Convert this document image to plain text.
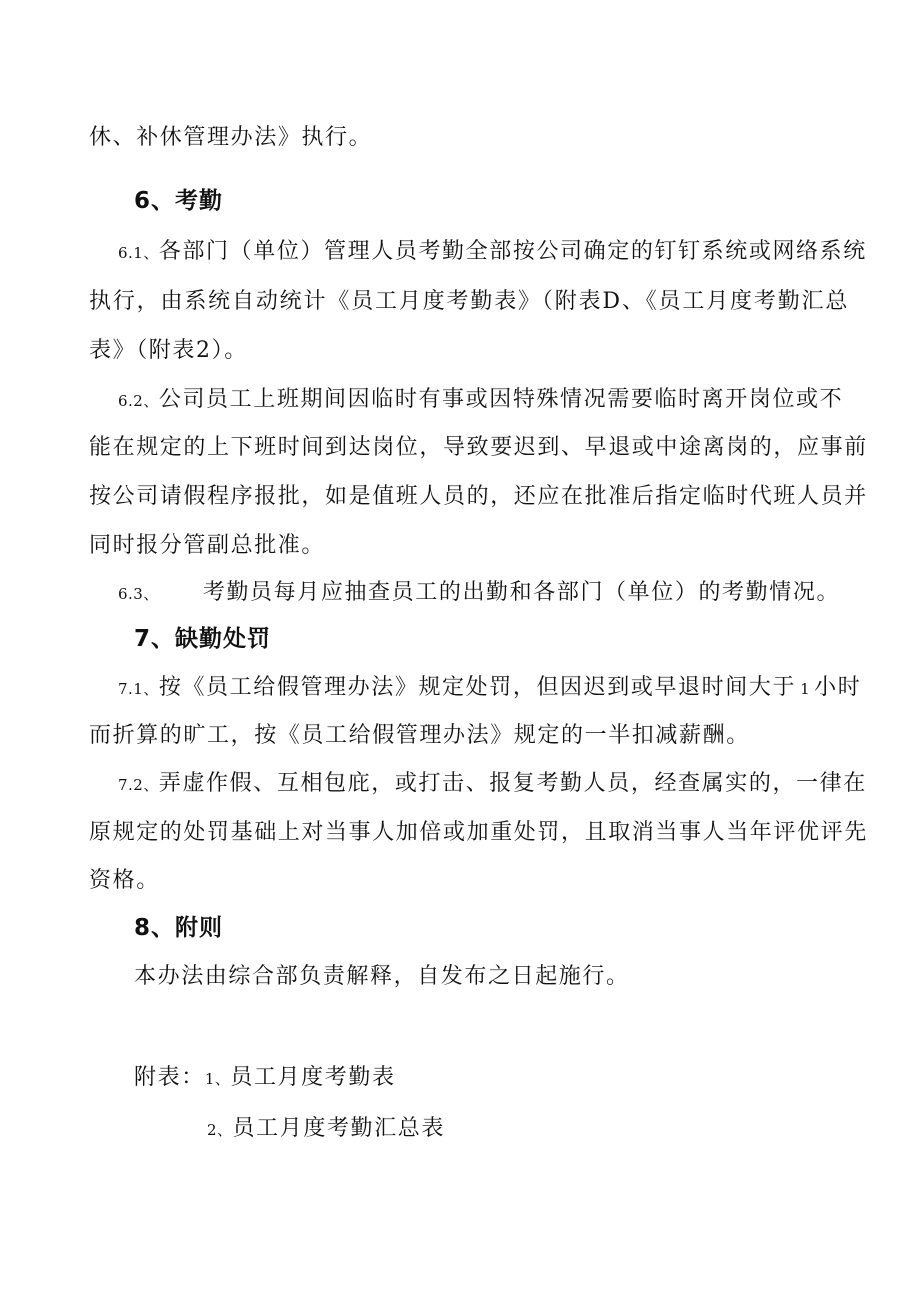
休、补休管理办法》执行。
6、考勤
6.1、各部门（单位）管理人员考勤全部按公司确定的钉钉系统或网络系统
执行，由系统自动统计《员工月度考勤表》（附表D、《员工月度考勤汇总
表》（附表2）。
6.2、公司员工上班期间因临时有事或因特殊情况需要临时离开岗位或不
能在规定的上下班时间到达岗位，导致要迟到、早退或中途离岗的，应事前
按公司请假程序报批，如是值班人员的，还应在批准后指定临时代班人员并
同时报分管副总批准。
6.3、 考勤员每月应抽查员工的出勤和各部门（单位）的考勤情况。
7、缺勤处罚
7.1、按《员工给假管理办法》规定处罚，但因迟到或早退时间大于 1 小时
而折算的旷工，按《员工给假管理办法》规定的一半扣减薪酬。
7.2、弄虚作假、互相包庇，或打击、报复考勤人员，经查属实的，一律在
原规定的处罚基础上对当事人加倍或加重处罚，且取消当事人当年评优评先
资格。
8、附则
本办法由综合部负责解释，自发布之日起施行。
附表：1、员工月度考勤表
2、员工月度考勤汇总表
